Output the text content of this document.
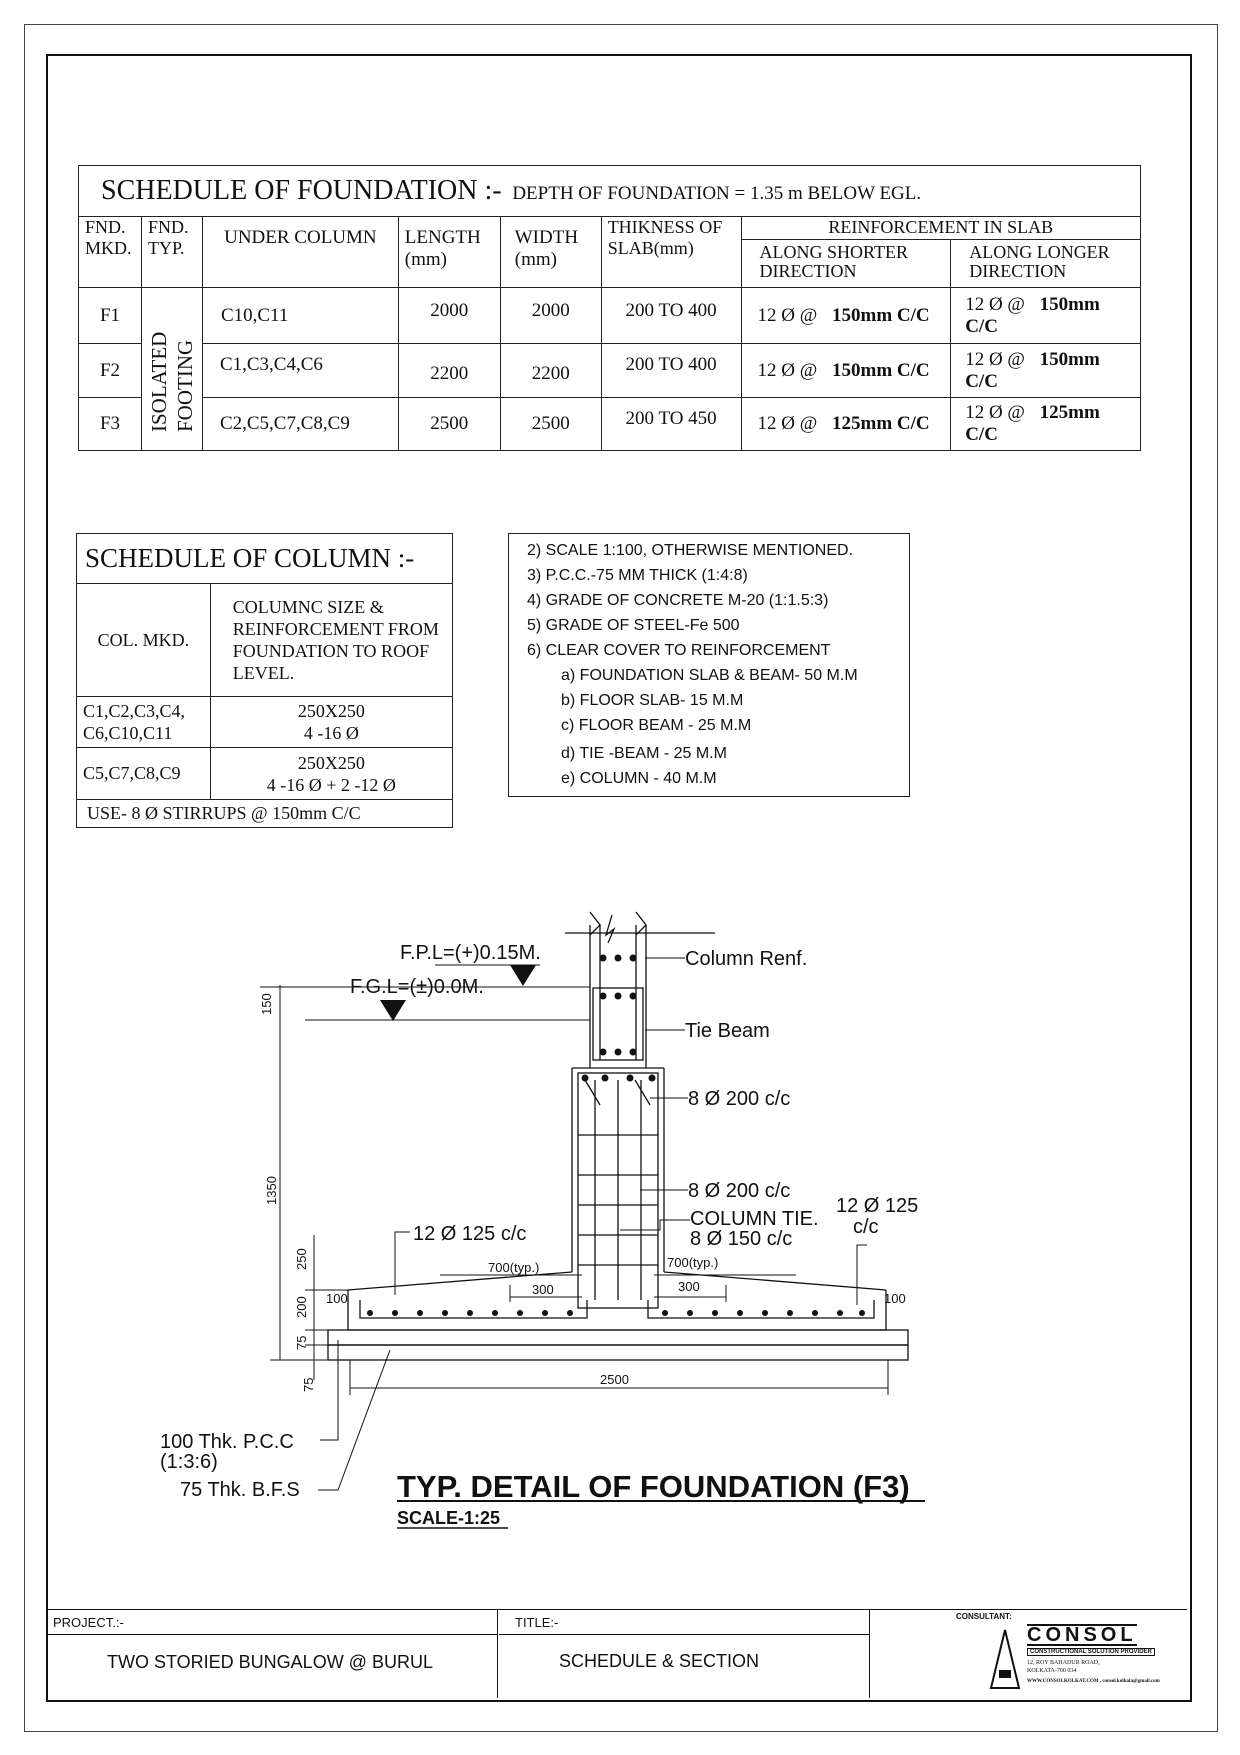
SCHEDULE OF FOUNDATION :- DEPTH OF FOUNDATION = 1.35 m BELOW EGL.							
FND. MKD.	FND. TYP.	UNDER COLUMN	LENGTH (mm)	WIDTH (mm)	THIKNESS OF SLAB(mm)	REINFORCEMENT IN SLAB	
						ALONG SHORTER DIRECTION	ALONG LONGER DIRECTION
F1	ISOLATED FOOTING	C10,C11	2000	2000	200 TO 400	12 Ø @ 150mm C/C	12 Ø @ 150mm C/C
F2		C1,C3,C4,C6	2200	2200	200 TO 400	12 Ø @ 150mm C/C	12 Ø @ 150mm C/C
F3		C2,C5,C7,C8,C9	2500	2500	200 TO 450	12 Ø @ 125mm C/C	12 Ø @ 125mm C/C
SCHEDULE OF COLUMN :-	
COL. MKD.	COLUMNC SIZE & REINFORCEMENT FROM FOUNDATION TO ROOF LEVEL.
C1,C2,C3,C4, C6,C10,C11	250X250
4 -16 Ø

C5,C7,C8,C9	250X250
4 -16 Ø + 2 -12 Ø

USE- 8 Ø STIRRUPS @ 150mm C/C	
2) SCALE 1:100, OTHERWISE MENTIONED.
3) P.C.C.-75 MM THICK (1:4:8)
4) GRADE OF CONCRETE M-20 (1:1.5:3)
5) GRADE OF STEEL-Fe 500
6) CLEAR COVER TO REINFORCEMENT
a) FOUNDATION SLAB & BEAM- 50 M.M
b) FLOOR SLAB- 15 M.M
c) FLOOR BEAM - 25 M.M
d) TIE -BEAM - 25 M.M
e) COLUMN - 40 M.M
F.P.L=(+)0.15M.
F.G.L=(±)0.0M.
Column Renf.
Tie Beam
8 Ø 200 c/c
8 Ø 200 c/c
COLUMN TIE.
8 Ø 150 c/c
12 Ø 125 c/c
12 Ø 125
c/c
150
1350
250
200
75
75
100	100
700(typ.)	700(typ.)
300	300
2500
100 Thk. P.C.C
(1:3:6)
75 Thk. B.F.S	TYP. DETAIL OF FOUNDATION (F3)
SCALE-1:25
PROJECT.:-
TWO STORIED BUNGALOW @ BURUL
TITLE:-
SCHEDULE & SECTION
CONSULTANT:
CONSOL
CONSTRUCTIONAL SOLUTION PROVIDER
12, ROY BAHADUR ROAD,
KOLKATA-700 034
WWW.CONSOLKOLKAT.COM , consol.kolkata@gmail.com
